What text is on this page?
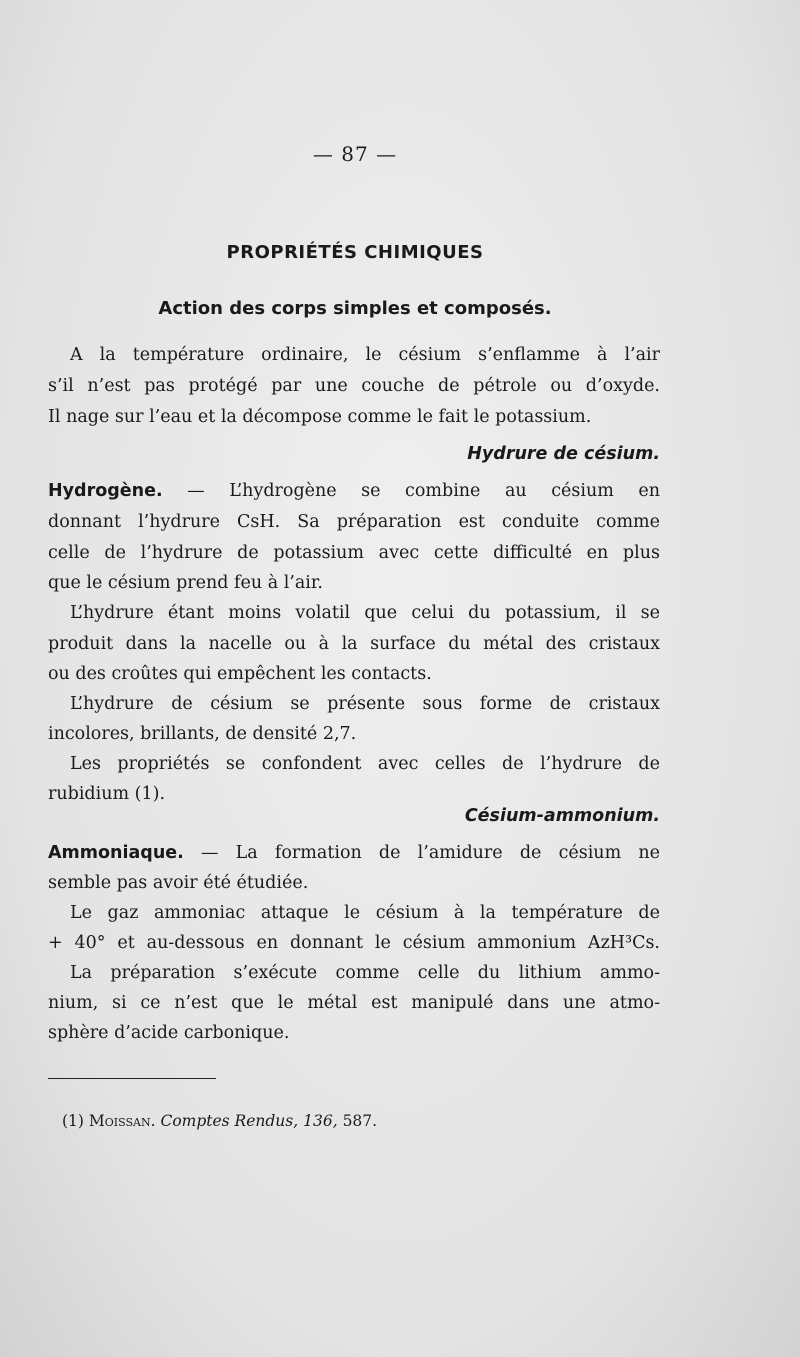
— 87 —
PROPRIÉTÉS CHIMIQUES
Action des corps simples et composés.
A la température ordinaire, le césium s’enflamme à l’air
s’il n’est pas protégé par une couche de pétrole ou d’oxyde.
Il nage sur l’eau et la décompose comme le fait le potassium.
Hydrure de césium.
Hydrogène. — L’hydrogène se combine au césium en
donnant l’hydrure CsH. Sa préparation est conduite comme
celle de l’hydrure de potassium avec cette difficulté en plus
que le césium prend feu à l’air.
L’hydrure étant moins volatil que celui du potassium, il se
produit dans la nacelle ou à la surface du métal des cristaux
ou des croûtes qui empêchent les contacts.
L’hydrure de césium se présente sous forme de cristaux
incolores, brillants, de densité 2,7.
Les propriétés se confondent avec celles de l’hydrure de
rubidium (1).
Césium-ammonium.
Ammoniaque. — La formation de l’amidure de césium ne
semble pas avoir été étudiée.
Le gaz ammoniac attaque le césium à la température de
+ 40° et au-dessous en donnant le césium ammonium AzH³Cs.
La préparation s’exécute comme celle du lithium ammo-
nium, si ce n’est que le métal est manipulé dans une atmo-
sphère d’acide carbonique.
(1) Moissan. Comptes Rendus, 136, 587.
